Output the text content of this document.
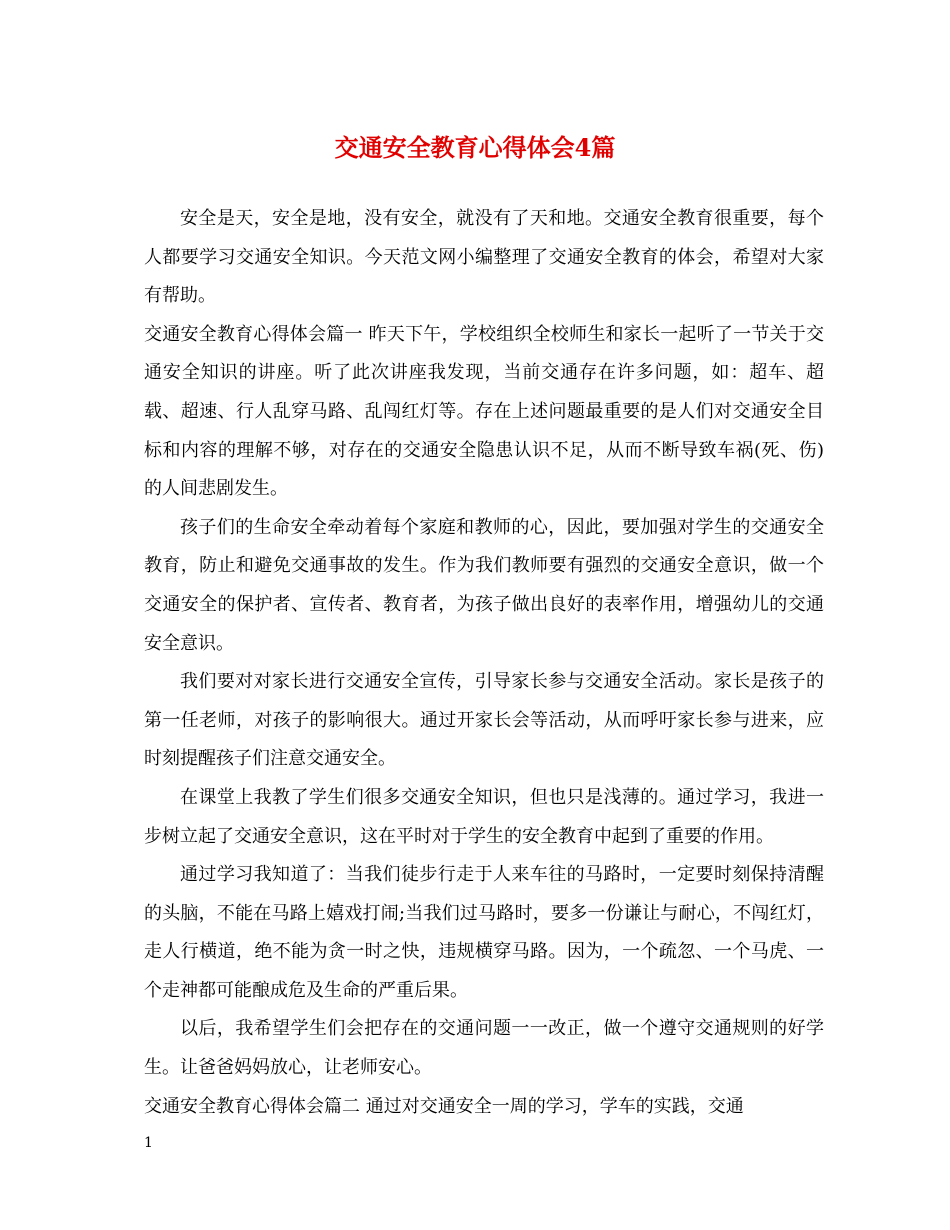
交通安全教育心得体会4篇

安全是天，安全是地，没有安全，就没有了天和地。交通安全教育很重要，每个人都要学习交通安全知识。今天范文网小编整理了交通安全教育的体会，希望对大家有帮助。

交通安全教育心得体会篇一 昨天下午，学校组织全校师生和家长一起听了一节关于交通安全知识的讲座。听了此次讲座我发现，当前交通存在许多问题，如：超车、超载、超速、行人乱穿马路、乱闯红灯等。存在上述问题最重要的是人们对交通安全目标和内容的理解不够，对存在的交通安全隐患认识不足，从而不断导致车祸(死、伤)的人间悲剧发生。

孩子们的生命安全牵动着每个家庭和教师的心，因此，要加强对学生的交通安全教育，防止和避免交通事故的发生。作为我们教师要有强烈的交通安全意识，做一个交通安全的保护者、宣传者、教育者，为孩子做出良好的表率作用，增强幼儿的交通安全意识。

我们要对对家长进行交通安全宣传，引导家长参与交通安全活动。家长是孩子的第一任老师，对孩子的影响很大。通过开家长会等活动，从而呼吁家长参与进来，应时刻提醒孩子们注意交通安全。

在课堂上我教了学生们很多交通安全知识，但也只是浅薄的。通过学习，我进一步树立起了交通安全意识，这在平时对于学生的安全教育中起到了重要的作用。

通过学习我知道了：当我们徒步行走于人来车往的马路时，一定要时刻保持清醒的头脑，不能在马路上嬉戏打闹;当我们过马路时，要多一份谦让与耐心，不闯红灯，走人行横道，绝不能为贪一时之快，违规横穿马路。因为，一个疏忽、一个马虎、一个走神都可能酿成危及生命的严重后果。

以后，我希望学生们会把存在的交通问题一一改正，做一个遵守交通规则的好学生。让爸爸妈妈放心，让老师安心。

交通安全教育心得体会篇二 通过对交通安全一周的学习，学车的实践，交通

1
